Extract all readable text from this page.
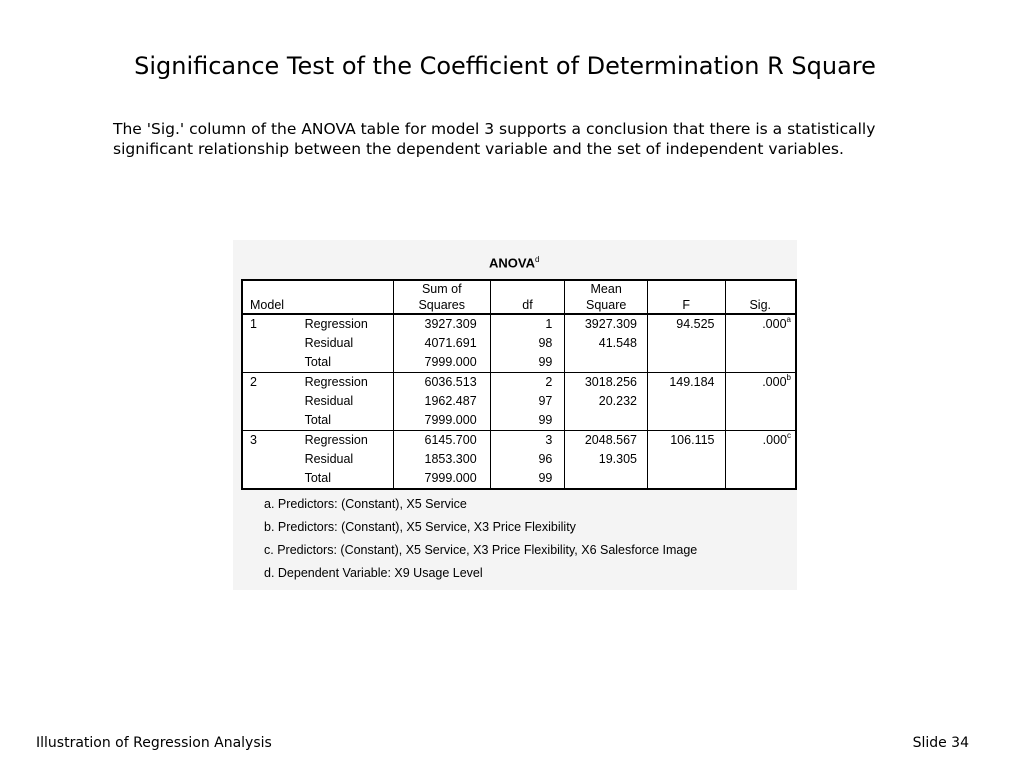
Significance Test of the Coefficient of Determination R Square
The 'Sig.' column of the ANOVA table for model 3 supports a conclusion that there is a statistically significant relationship between the dependent variable and the set of independent variables.
ANOVA$^d$
		Sum of		Mean		
Model		Squares	df	Square	F	Sig.
1	Regression	3927.309	1	3927.309	94.525	.000$^a$
	Residual	4071.691	98	41.548		
	Total	7999.000	99			
2	Regression	6036.513	2	3018.256	149.184	.000$^b$
	Residual	1962.487	97	20.232		
	Total	7999.000	99			
3	Regression	6145.700	3	2048.567	106.115	.000$^c$
	Residual	1853.300	96	19.305		
	Total	7999.000	99			
a. Predictors: (Constant), X5 Service
b. Predictors: (Constant), X5 Service, X3 Price Flexibility
c. Predictors: (Constant), X5 Service, X3 Price Flexibility, X6 Salesforce Image
d. Dependent Variable: X9 Usage Level
Illustration of Regression Analysis	Slide 34
